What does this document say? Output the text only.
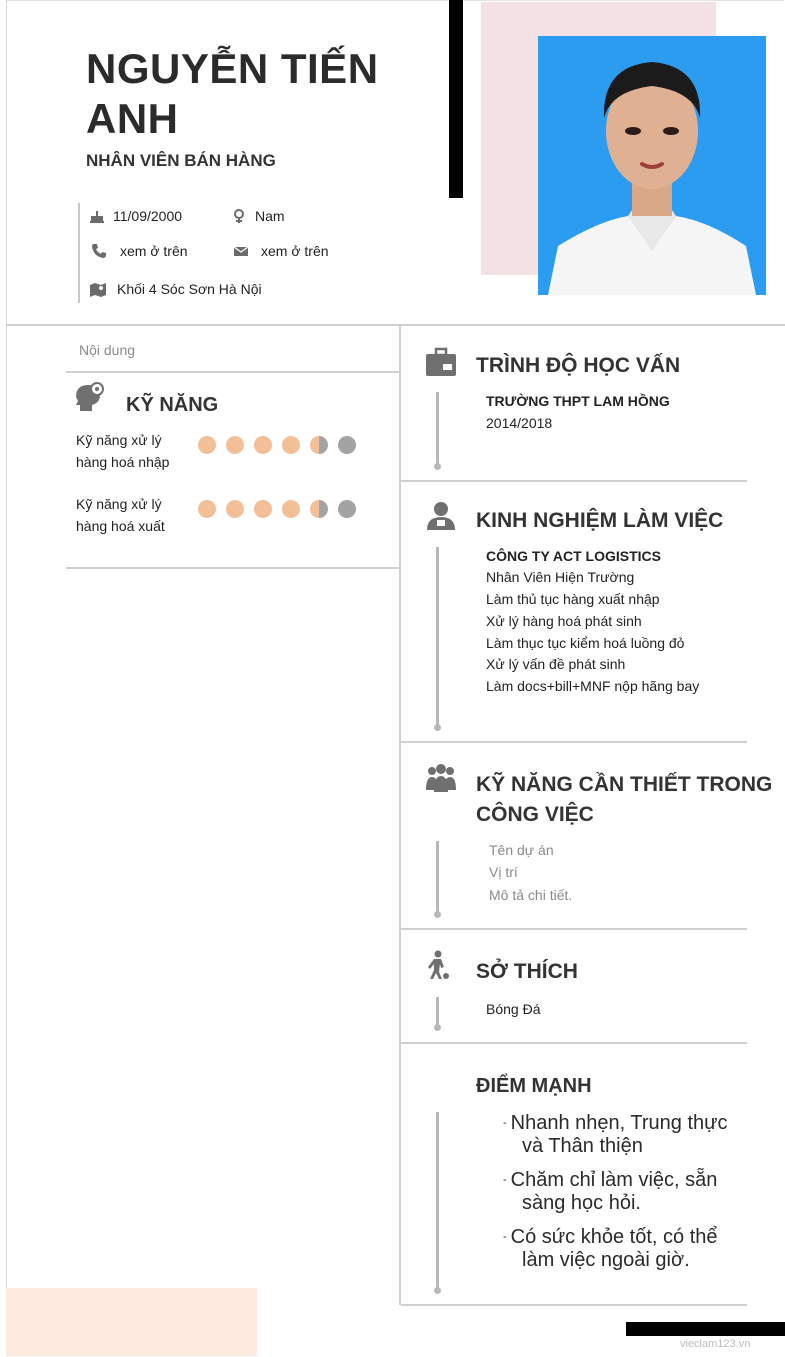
NGUYỄN TIẾN ANH
NHÂN VIÊN BÁN HÀNG
11/09/2000	Nam
xem ở trên	xem ở trên
Khối 4 Sóc Sơn Hà Nội
Nội dung
KỸ NĂNG
Kỹ năng xử lý hàng hoá nhập
Kỹ năng xử lý hàng hoá xuất
TRÌNH ĐỘ HỌC VẤN
TRƯỜNG THPT LAM HỒNG
2014/2018
KINH NGHIỆM LÀM VIỆC
CÔNG TY ACT LOGISTICS
Nhân Viên Hiện Trường
Làm thủ tục hàng xuất nhập
Xử lý hàng hoá phát sinh
Làm thục tục kiểm hoá luồng đỏ
Xử lý vấn đề phát sinh
Làm docs+bill+MNF nộp hãng bay
KỸ NĂNG CẦN THIẾT TRONG
CÔNG VIỆC
Tên dự án
Vị trí
Mô tả chi tiết.
SỞ THÍCH
Bóng Đá
ĐIỂM MẠNH
- Nhanh nhẹn, Trung thực
và Thân thiện
- Chăm chỉ làm việc, sẵn
sàng học hỏi.
- Có sức khỏe tốt, có thể
làm việc ngoài giờ.
vieclam123.vn
